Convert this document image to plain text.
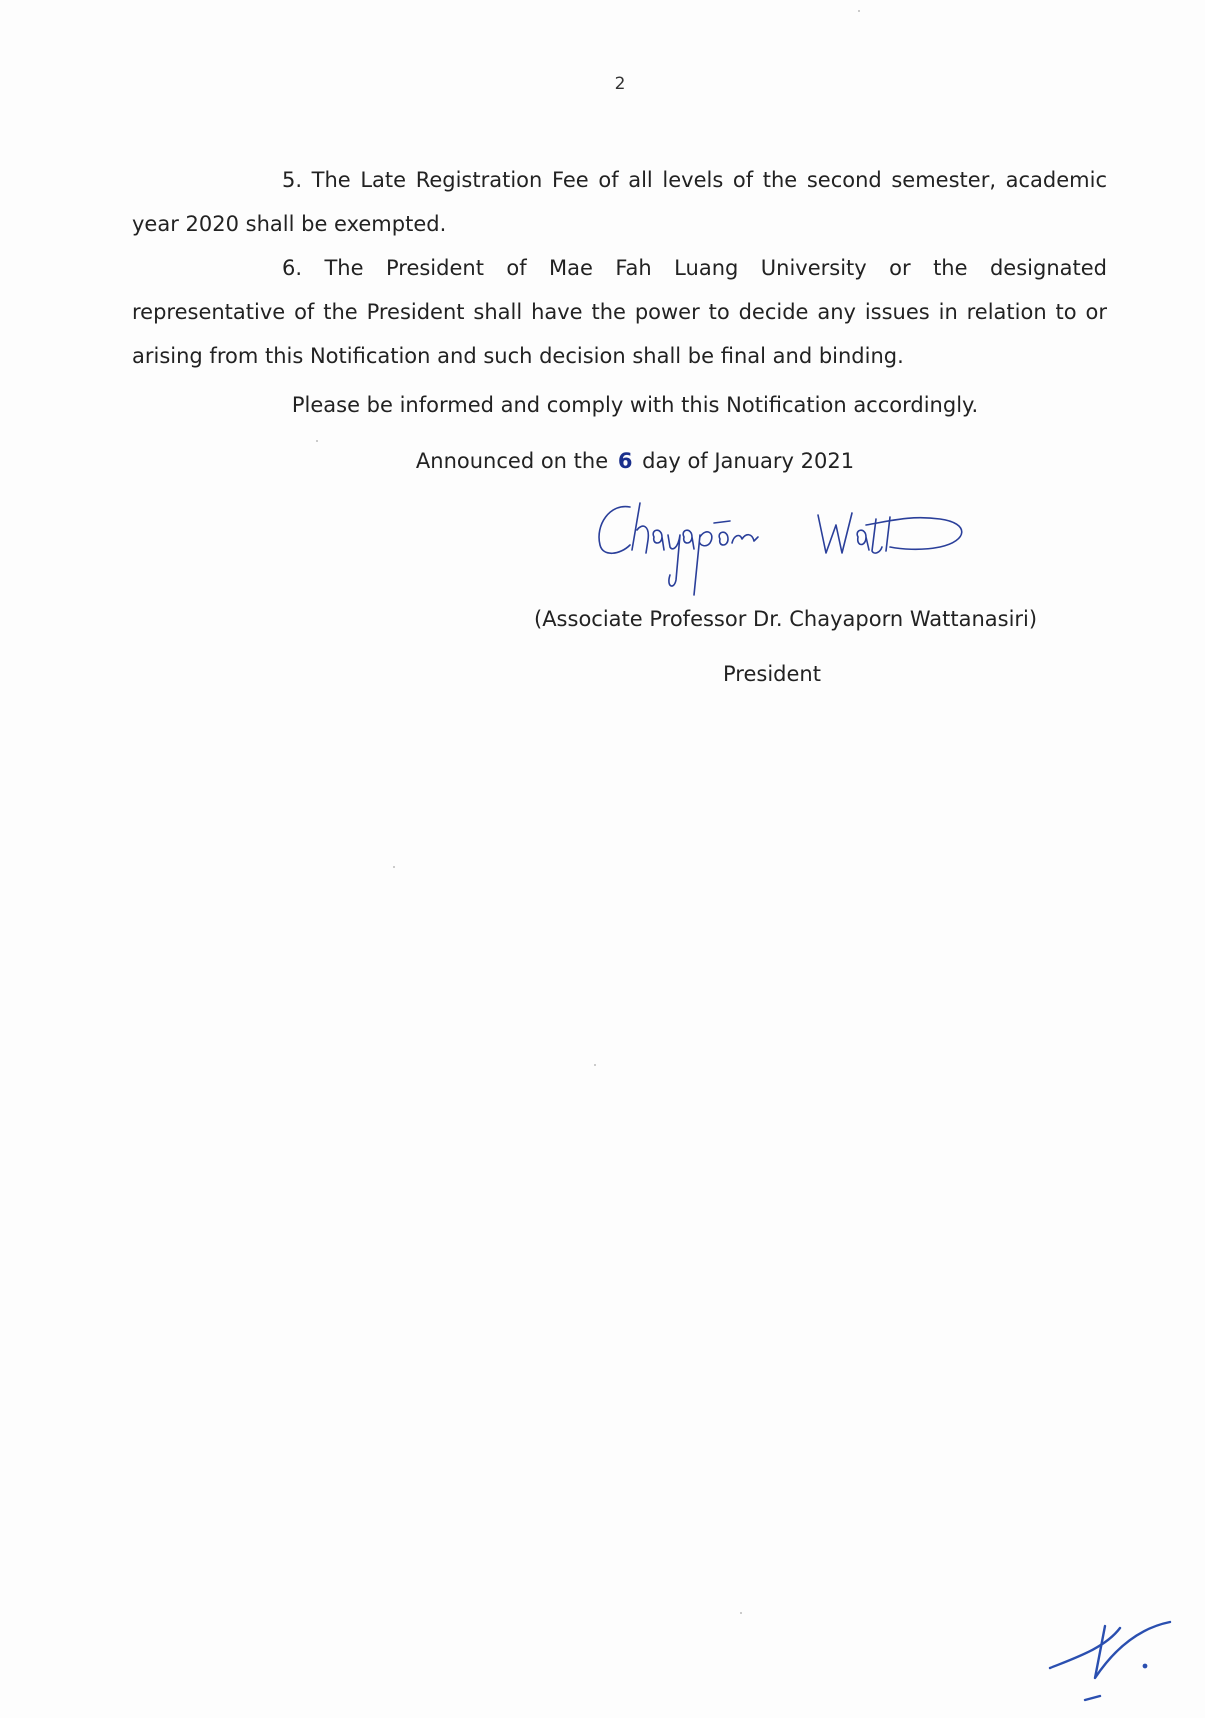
2
5. The Late Registration Fee of all levels of the second semester, academic year 2020 shall be exempted.
6. The President of Mae Fah Luang University or the designated representative of the President shall have the power to decide any issues in relation to or arising from this Notification and such decision shall be final and binding.
Please be informed and comply with this Notification accordingly.
Announced on the 6 day of January 2021
(Associate Professor Dr. Chayaporn Wattanasiri)
President
